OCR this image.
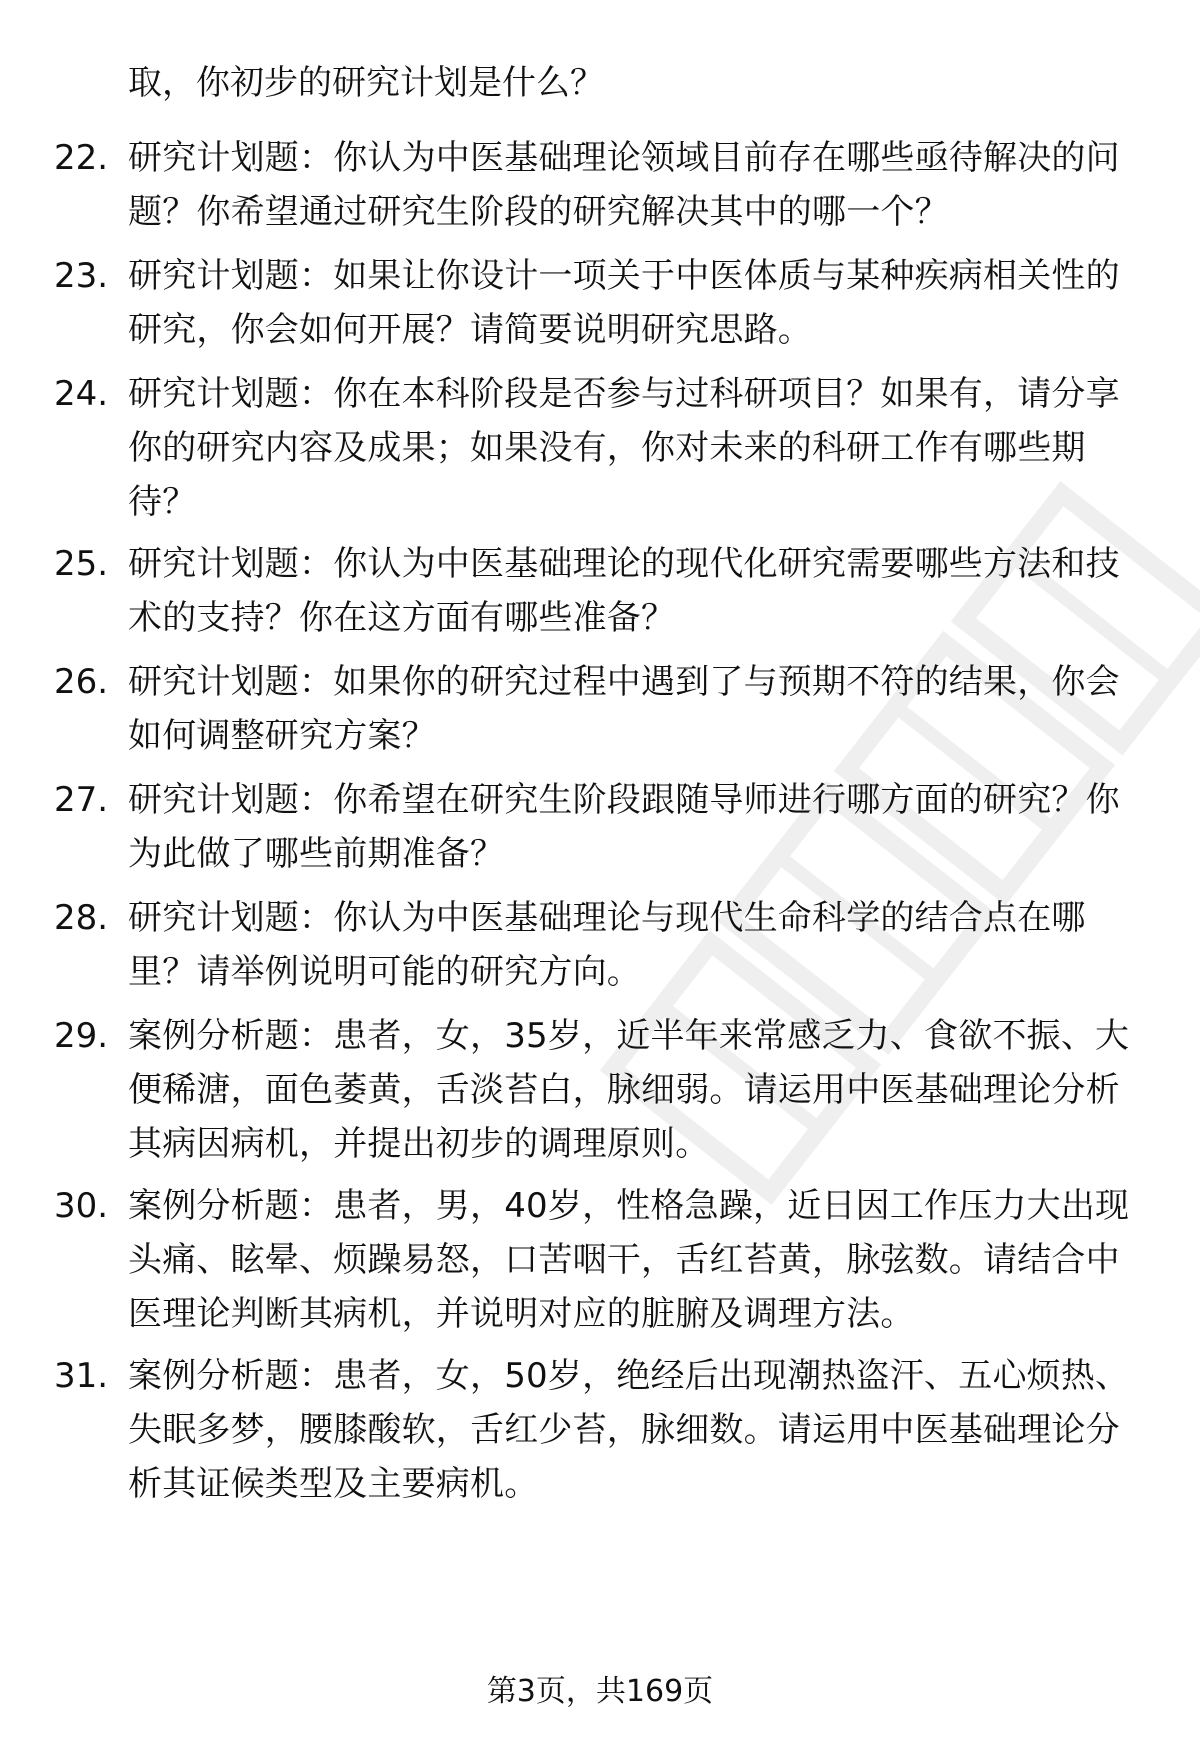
取，你初步的研究计划是什么？
22. 研究计划题：你认为中医基础理论领域目前存在哪些亟待解决的问题？你希望通过研究生阶段的研究解决其中的哪一个？
23. 研究计划题：如果让你设计一项关于中医体质与某种疾病相关性的研究，你会如何开展？请简要说明研究思路。
24. 研究计划题：你在本科阶段是否参与过科研项目？如果有，请分享你的研究内容及成果；如果没有，你对未来的科研工作有哪些期待？
25. 研究计划题：你认为中医基础理论的现代化研究需要哪些方法和技术的支持？你在这方面有哪些准备？
26. 研究计划题：如果你的研究过程中遇到了与预期不符的结果，你会如何调整研究方案？
27. 研究计划题：你希望在研究生阶段跟随导师进行哪方面的研究？你为此做了哪些前期准备？
28. 研究计划题：你认为中医基础理论与现代生命科学的结合点在哪里？请举例说明可能的研究方向。
29. 案例分析题：患者，女，35岁，近半年来常感乏力、食欲不振、大便稀溏，面色萎黄，舌淡苔白，脉细弱。请运用中医基础理论分析其病因病机，并提出初步的调理原则。
30. 案例分析题：患者，男，40岁，性格急躁，近日因工作压力大出现头痛、眩晕、烦躁易怒，口苦咽干，舌红苔黄，脉弦数。请结合中医理论判断其病机，并说明对应的脏腑及调理方法。
31. 案例分析题：患者，女，50岁，绝经后出现潮热盗汗、五心烦热、失眠多梦，腰膝酸软，舌红少苔，脉细数。请运用中医基础理论分析其证候类型及主要病机。
第3页，共169页
